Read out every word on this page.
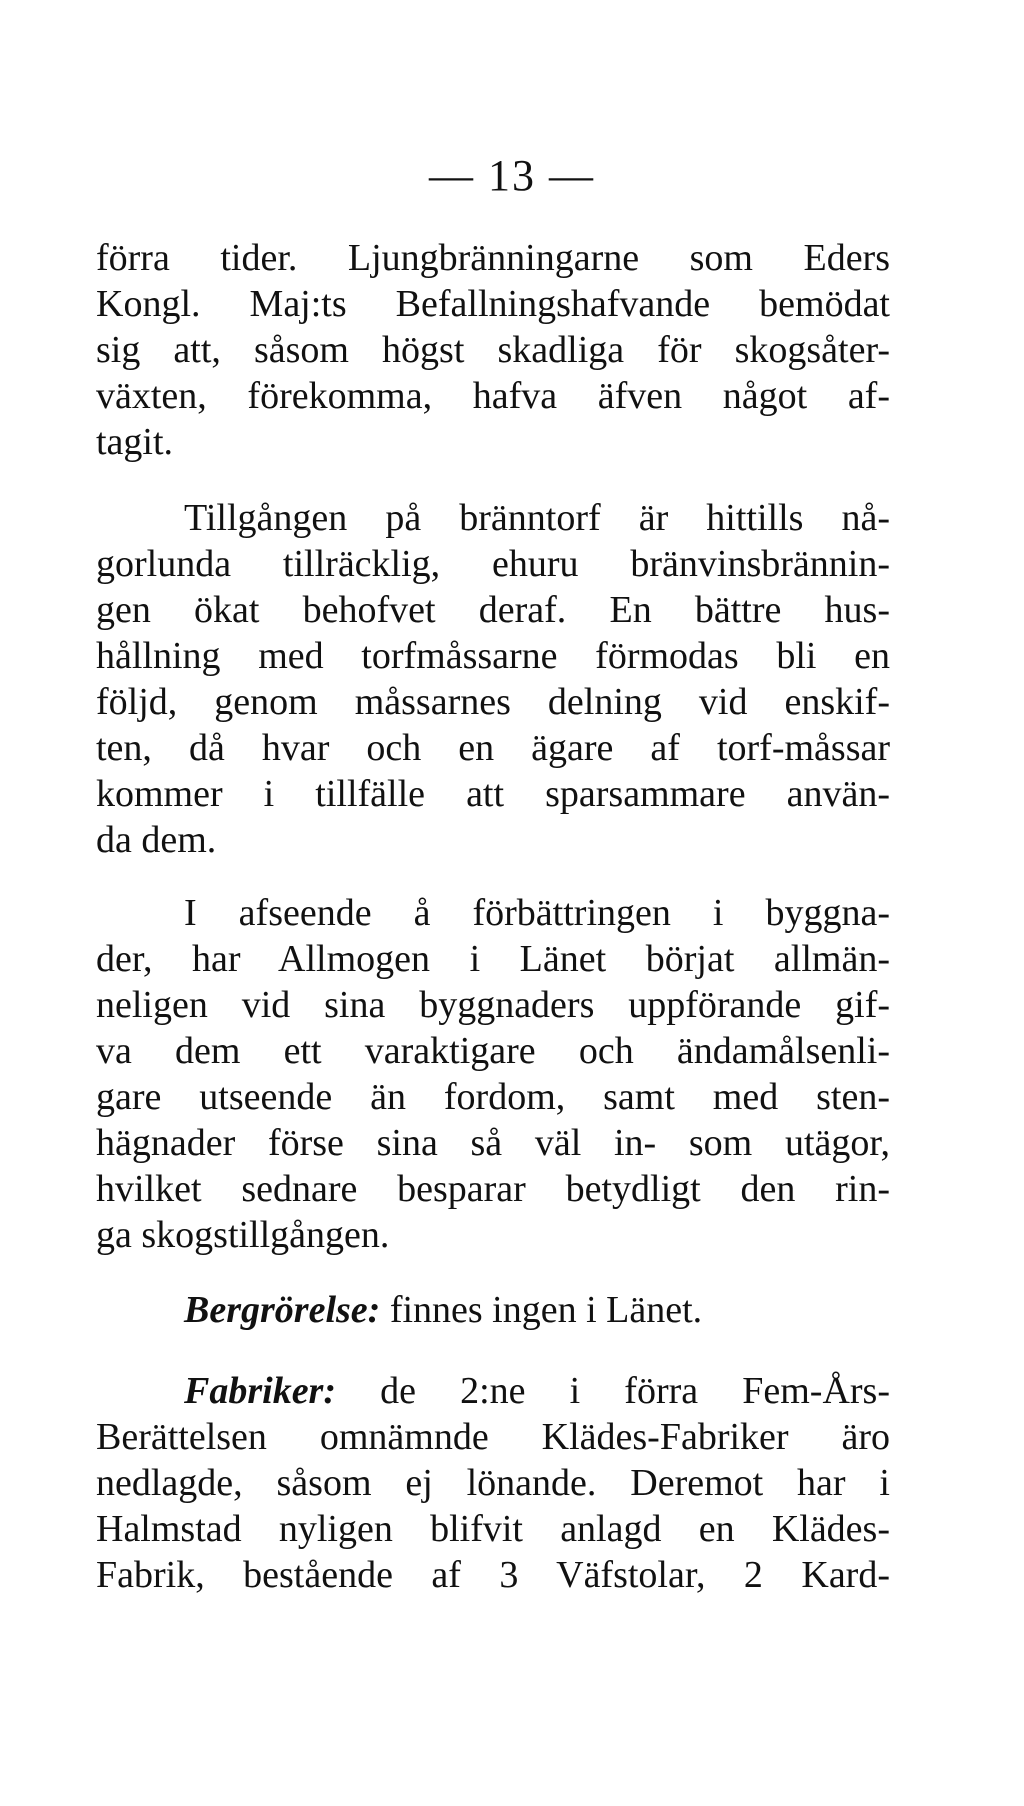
— 13 —
förra tider. Ljungbränningarne som Eders
Kongl. Maj:ts Befallningshafvande bemödat
sig att, såsom högst skadliga för skogsåter-
växten, förekomma, hafva äfven något af-
tagit.
Tillgången på bränntorf är hittills nå-
gorlunda tillräcklig, ehuru bränvinsbrännin-
gen ökat behofvet deraf. En bättre hus-
hållning med torfmåssarne förmodas bli en
följd, genom måssarnes delning vid enskif-
ten, då hvar och en ägare af torf-måssar
kommer i tillfälle att sparsammare använ-
da dem.
I afseende å förbättringen i byggna-
der, har Allmogen i Länet börjat allmän-
neligen vid sina byggnaders uppförande gif-
va dem ett varaktigare och ändamålsenli-
gare utseende än fordom, samt med sten-
hägnader förse sina så väl in- som utägor,
hvilket sednare besparar betydligt den rin-
ga skogstillgången.
Bergrörelse: finnes ingen i Länet.
Fabriker: de 2:ne i förra Fem-Års-
Berättelsen omnämnde Klädes-Fabriker äro
nedlagde, såsom ej lönande. Deremot har i
Halmstad nyligen blifvit anlagd en Klädes-
Fabrik, bestående af 3 Väfstolar, 2 Kard-
